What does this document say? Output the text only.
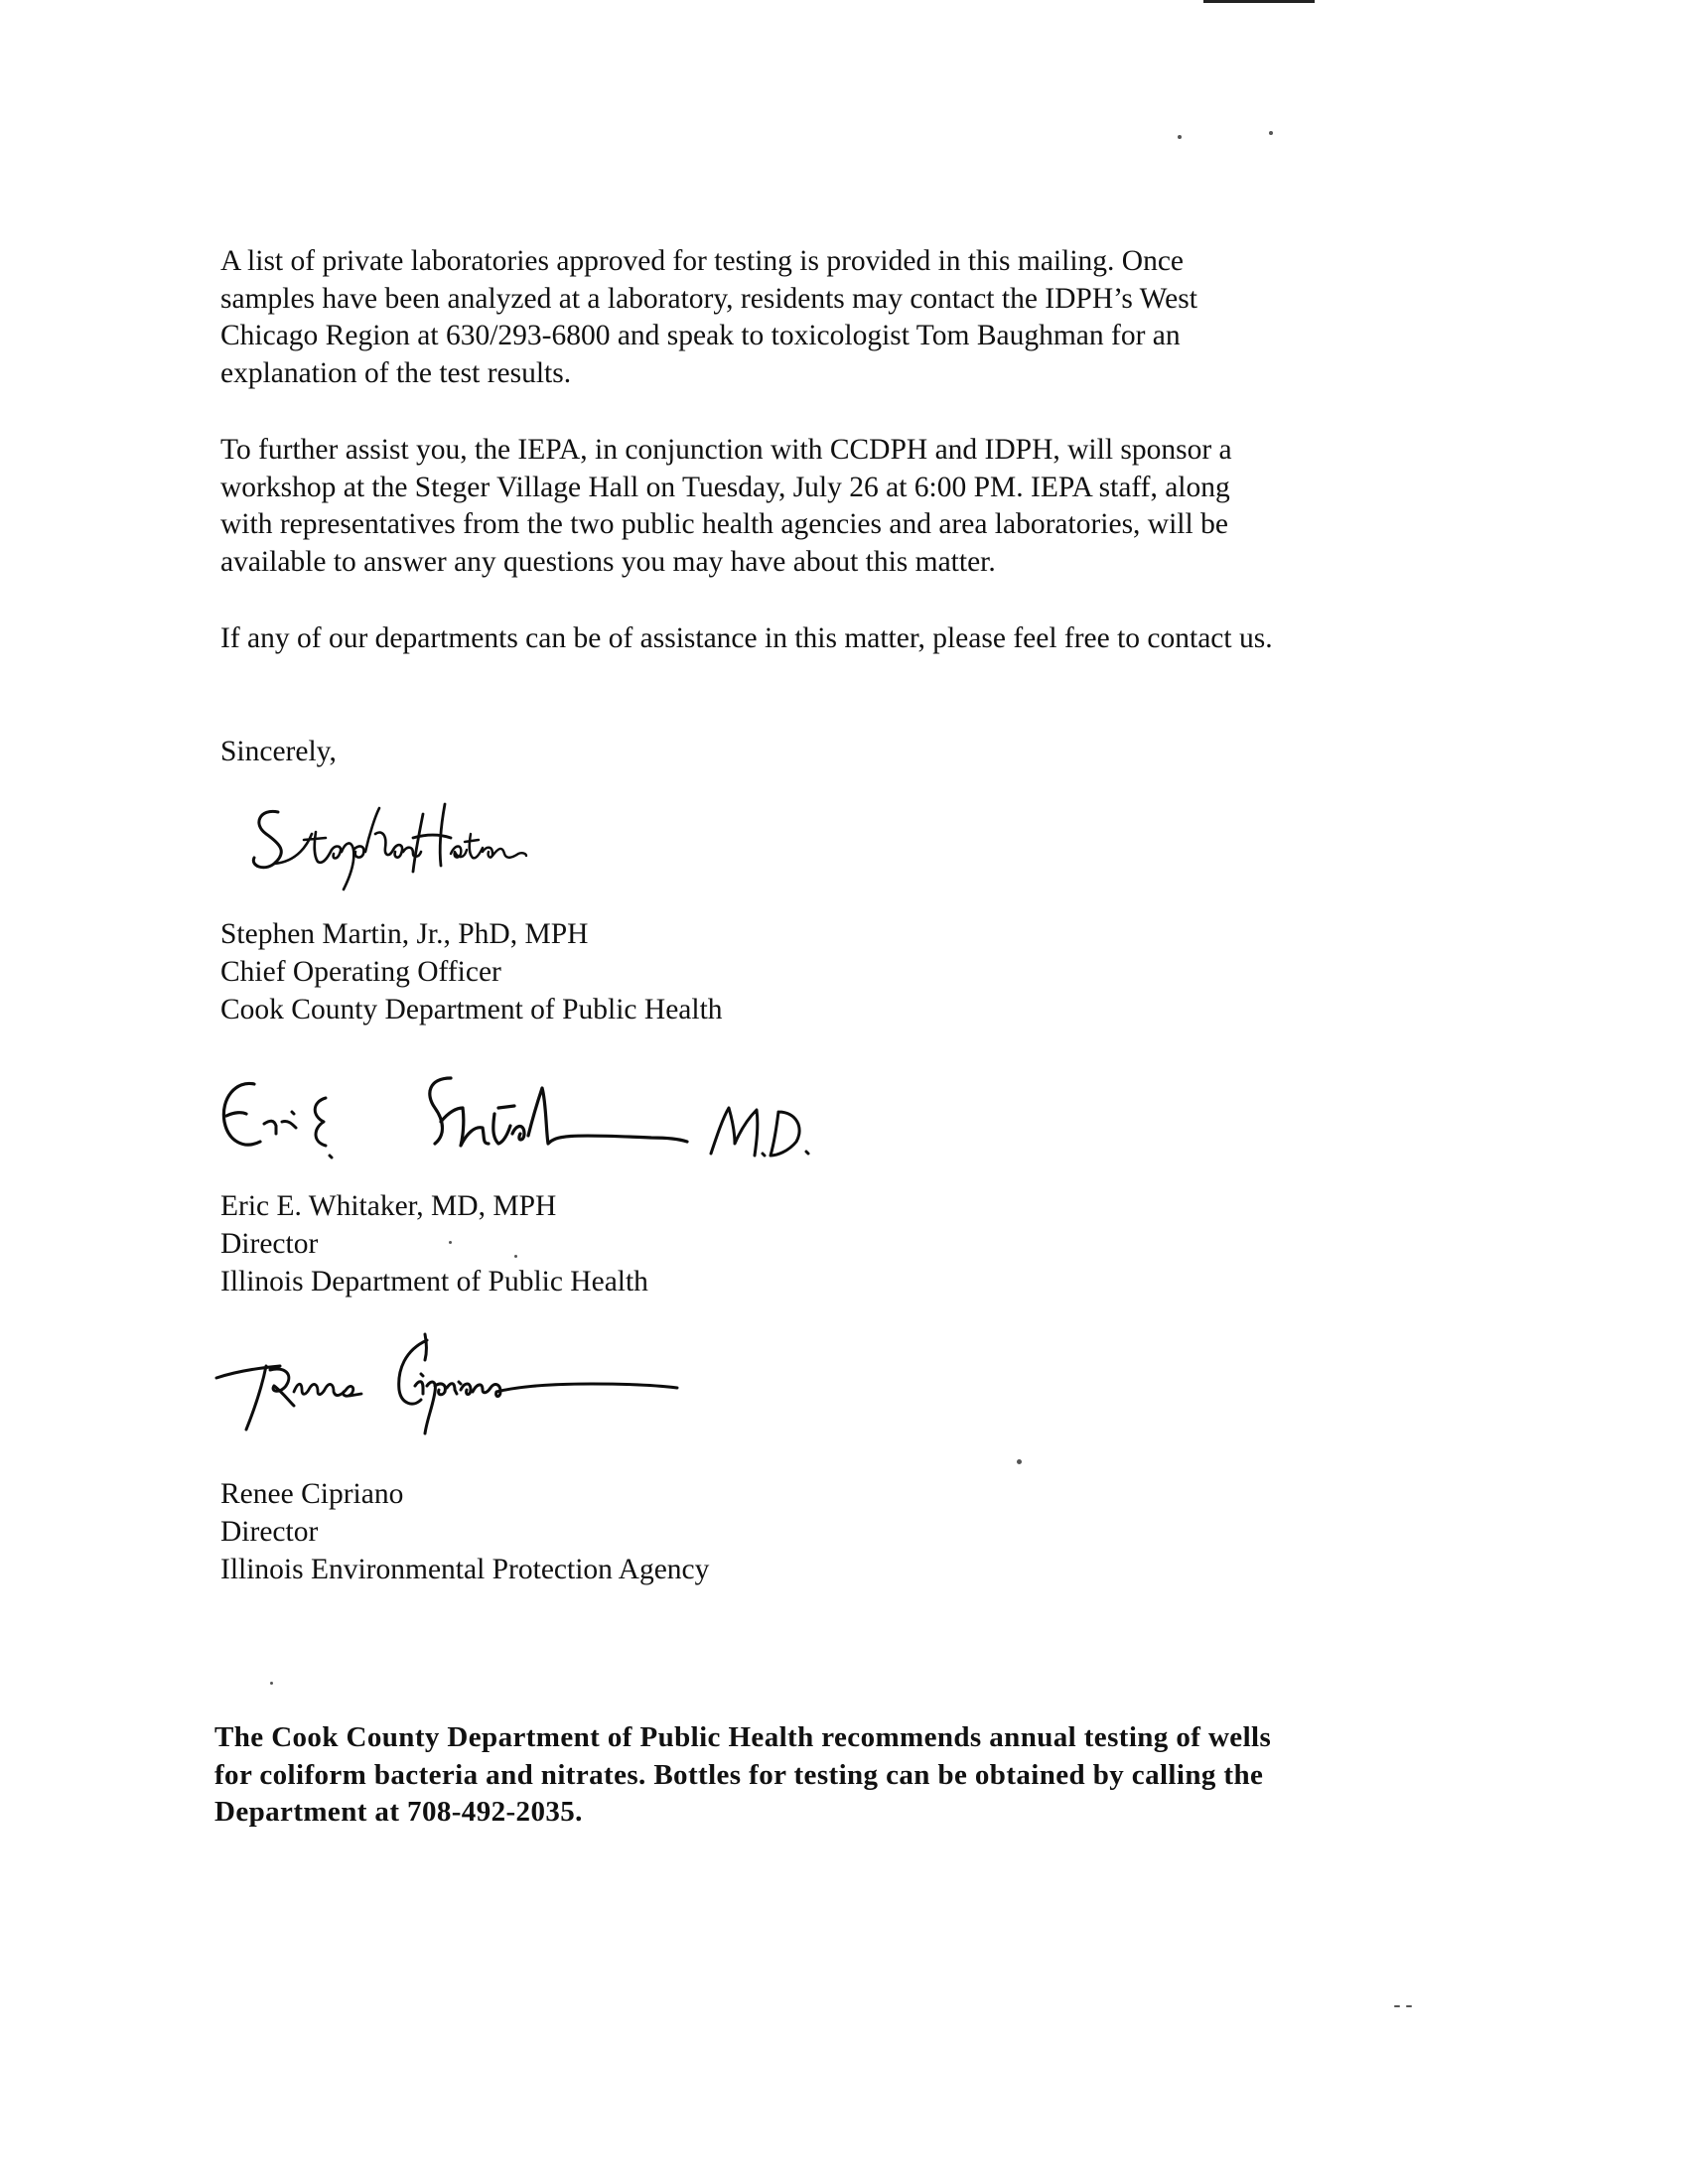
A list of private laboratories approved for testing is provided in this mailing. Once
samples have been analyzed at a laboratory, residents may contact the IDPH’s West
Chicago Region at 630/293-6800 and speak to toxicologist Tom Baughman for an
explanation of the test results.

To further assist you, the IEPA, in conjunction with CCDPH and IDPH, will sponsor a
workshop at the Steger Village Hall on Tuesday, July 26 at 6:00 PM. IEPA staff, along
with representatives from the two public health agencies and area laboratories, will be
available to answer any questions you may have about this matter.

If any of our departments can be of assistance in this matter, please feel free to contact us.

Sincerely,

Stephen Martin, Jr., PhD, MPH

Chief Operating Officer

Cook County Department of Public Health

Eric E. Whitaker, MD, MPH

Director

Illinois Department of Public Health

Renee Cipriano

Director

Illinois Environmental Protection Agency

The Cook County Department of Public Health recommends annual testing of wells
for coliform bacteria and nitrates. Bottles for testing can be obtained by calling the
Department at 708-492-2035.
